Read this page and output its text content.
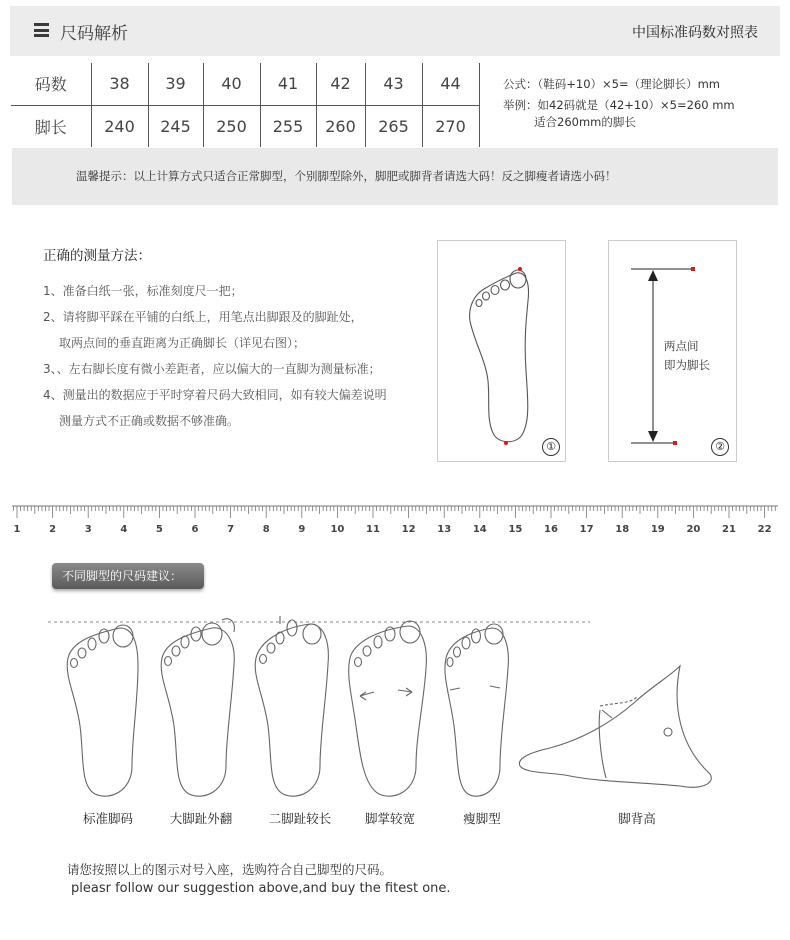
尺码解析	中国标准码数对照表
码数	38	39	40	41	42	43	44
脚长	240	245	250	255	260	265	270
公式：（鞋码+10）×5=（理论脚长）mm
举例：如42码就是（42+10）×5=260 mm
适合260mm的脚长
温馨提示：以上计算方式只适合正常脚型，个别脚型除外，脚肥或脚背者请选大码！反之脚瘦者请选小码！
正确的测量方法：

1、准备白纸一张，标准刻度尺一把；

2、请将脚平踩在平铺的白纸上，用笔点出脚跟及的脚趾处，

取两点间的垂直距离为正确脚长（详见右图）；

3、、左右脚长度有微小差距者，应以偏大的一直脚为测量标准；

4、测量出的数据应于平时穿着尺码大致相同，如有较大偏差说明

测量方式不正确或数据不够准确。

①
两点间
即为脚长
②
1	2	3	4	5	6	7	8	9	10 11 12 13 14 15 16 17 18 19 20 21 22
不同脚型的尺码建议：
标准脚码	大脚趾外翻	二脚趾较长	脚掌较宽	瘦脚型	脚背高
请您按照以上的图示对号入座，选购符合自己脚型的尺码。
pleasr follow our suggestion above,and buy the fitest one.
